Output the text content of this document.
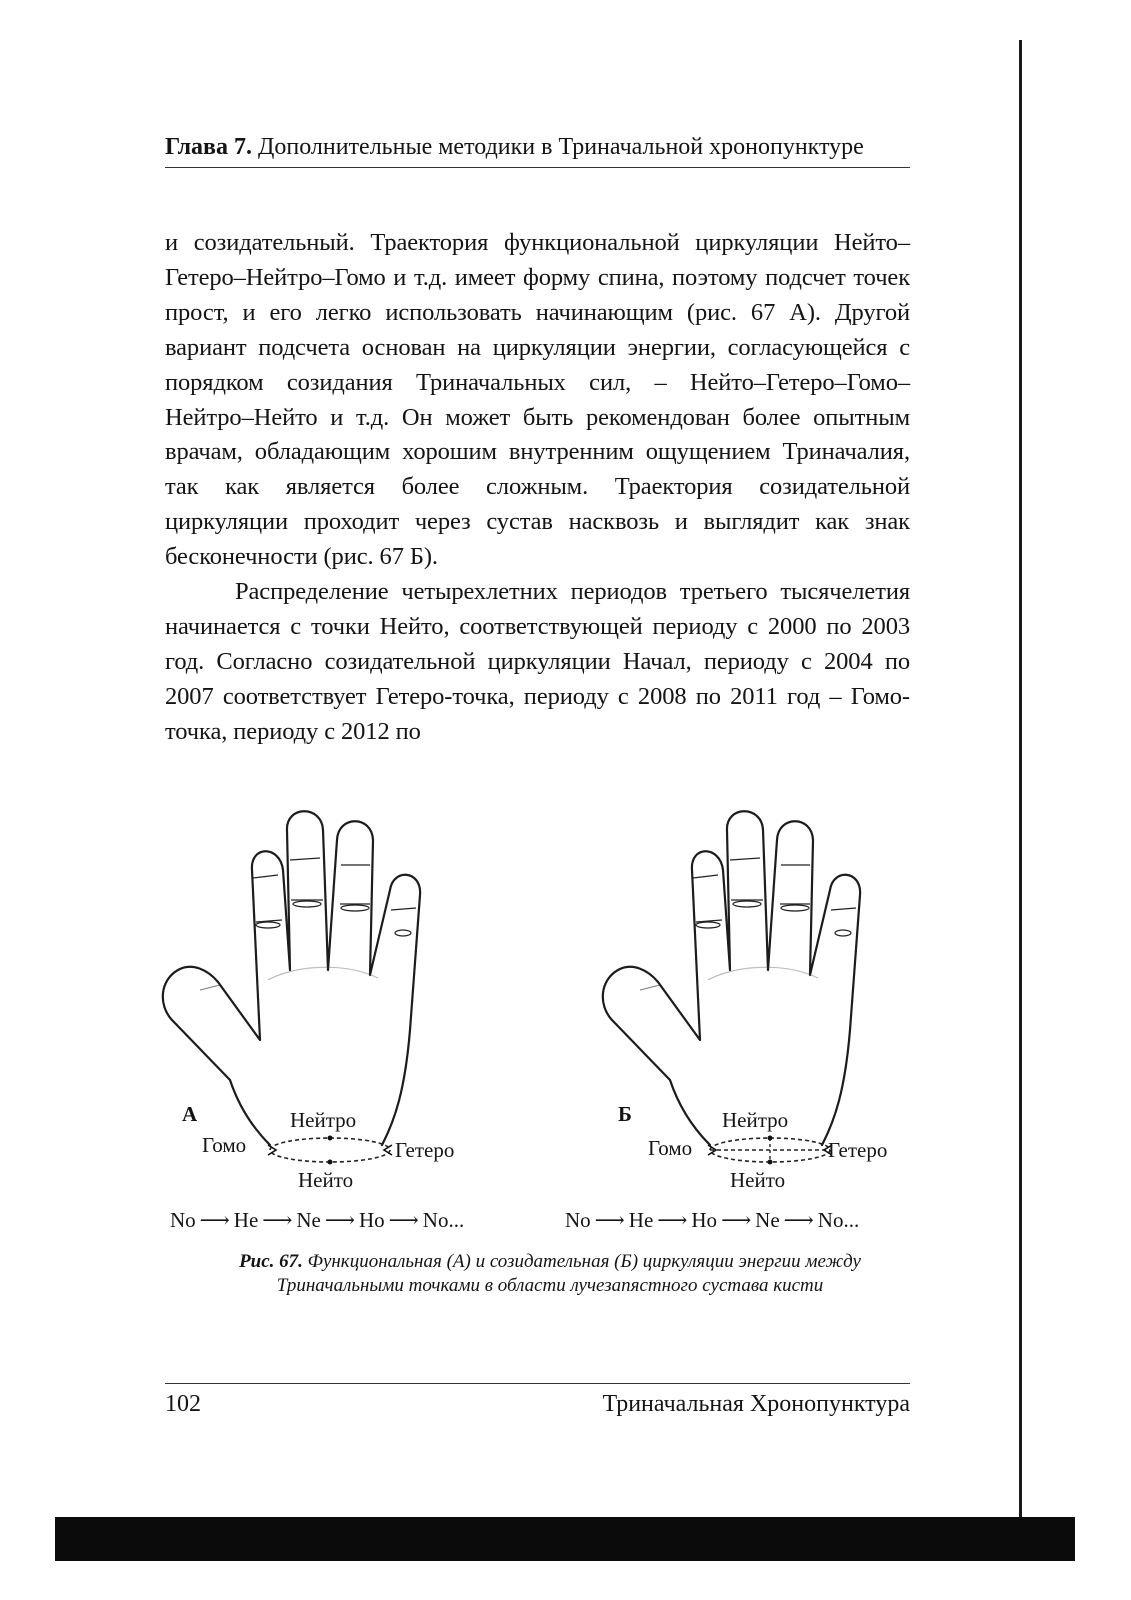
Глава 7. Дополнительные методики в Триначальной хронопунктуре

и созидательный. Траектория функциональной циркуляции Нейто–Гетеро–Нейтро–Гомо и т.д. имеет форму спина, поэтому подсчет точек прост, и его легко использовать начинающим (рис. 67 А). Другой вариант подсчета основан на циркуляции энергии, согласующейся с порядком созидания Триначальных сил, – Нейто–Гетеро–Гомо–Нейтро–Нейто и т.д. Он может быть рекомендован более опытным врачам, обладающим хорошим внутренним ощущением Триначалия, так как является более сложным. Траектория созидательной циркуляции проходит через сустав насквозь и выглядит как знак бесконечности (рис. 67 Б).

Распределение четырехлетних периодов третьего тысячелетия начинается с точки Нейто, соответствующей периоду с 2000 по 2003 год. Согласно созидательной циркуляции Начал, периоду с 2004 по 2007 соответствует Гетеро-точка, периоду с 2008 по 2011 год – Гомо-точка, периоду с 2012 по

А	Нейтро
Гомо	Гетеро
Нейто
Б	Нейтро
Гомо	Гетеро
Нейто
No ⟶ He ⟶ Ne ⟶ Ho ⟶ No...	No ⟶ He ⟶ Ho ⟶ Ne ⟶ No...
Рис. 67. Функциональная (А) и созидательная (Б) циркуляции энергии между Триначальными точками в области лучезапястного сустава кисти
102	Триначальная Хронопунктура
